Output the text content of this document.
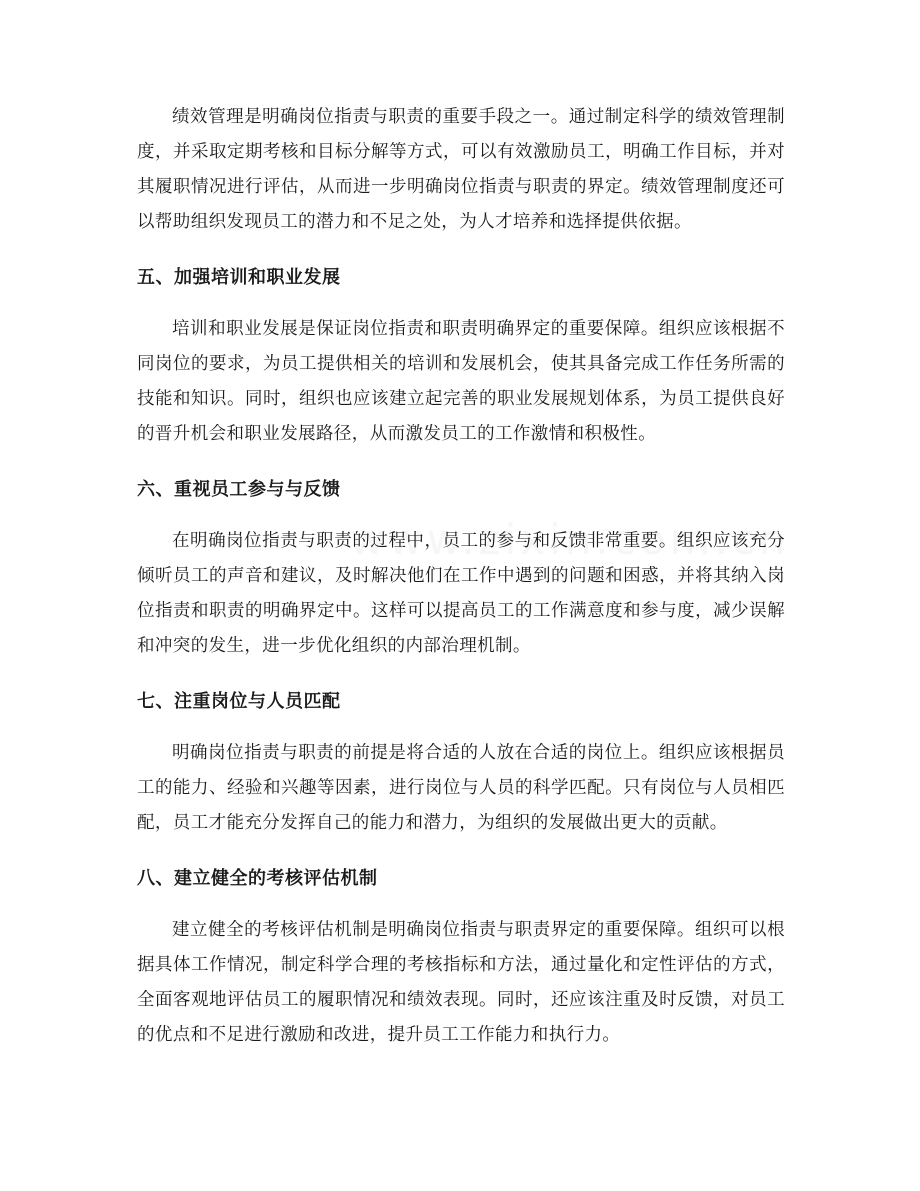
绩效管理是明确岗位指责与职责的重要手段之一。通过制定科学的绩效管理制度，并采取定期考核和目标分解等方式，可以有效激励员工，明确工作目标，并对其履职情况进行评估，从而进一步明确岗位指责与职责的界定。绩效管理制度还可以帮助组织发现员工的潜力和不足之处，为人才培养和选择提供依据。

五、加强培训和职业发展

培训和职业发展是保证岗位指责和职责明确界定的重要保障。组织应该根据不同岗位的要求，为员工提供相关的培训和发展机会，使其具备完成工作任务所需的技能和知识。同时，组织也应该建立起完善的职业发展规划体系，为员工提供良好的晋升机会和职业发展路径，从而激发员工的工作激情和积极性。

六、重视员工参与与反馈

在明确岗位指责与职责的过程中，员工的参与和反馈非常重要。组织应该充分倾听员工的声音和建议，及时解决他们在工作中遇到的问题和困惑，并将其纳入岗位指责和职责的明确界定中。这样可以提高员工的工作满意度和参与度，减少误解和冲突的发生，进一步优化组织的内部治理机制。

七、注重岗位与人员匹配

明确岗位指责与职责的前提是将合适的人放在合适的岗位上。组织应该根据员工的能力、经验和兴趣等因素，进行岗位与人员的科学匹配。只有岗位与人员相匹配，员工才能充分发挥自己的能力和潜力，为组织的发展做出更大的贡献。

八、建立健全的考核评估机制

建立健全的考核评估机制是明确岗位指责与职责界定的重要保障。组织可以根据具体工作情况，制定科学合理的考核指标和方法，通过量化和定性评估的方式，全面客观地评估员工的履职情况和绩效表现。同时，还应该注重及时反馈，对员工的优点和不足进行激励和改进，提升员工工作能力和执行力。
